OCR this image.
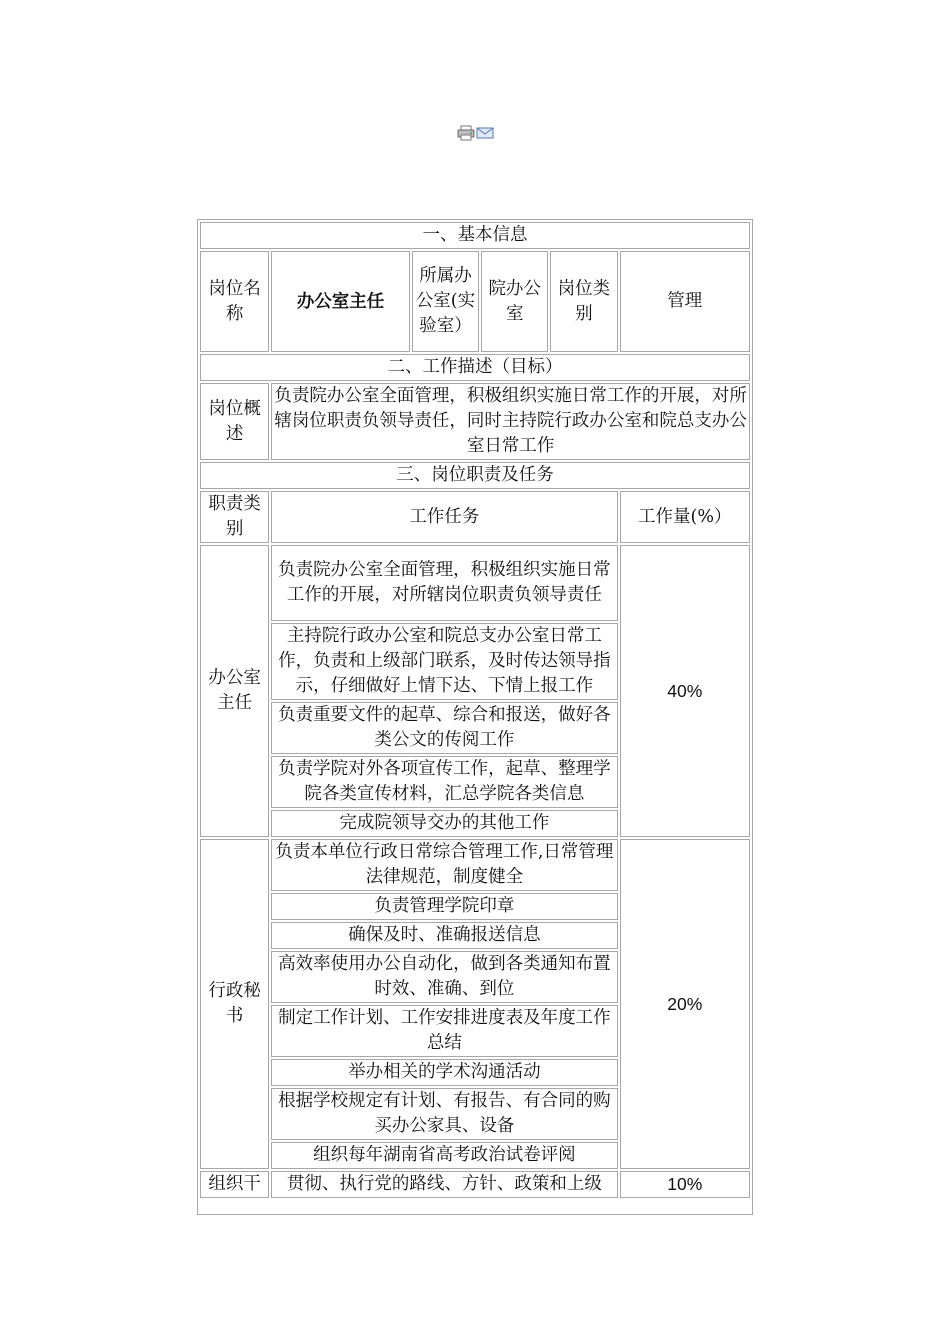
一、基本信息					
岗位名称	办公室主任	所属办公室(实验室）	院办公室	岗位类别	管理
二、工作描述（目标）					
岗位概述	负责院办公室全面管理，积极组织实施日常工作的开展，对所辖岗位职责负领导责任，同时主持院行政办公室和院总支办公室日常工作				
三、岗位职责及任务					
职责类别	工作任务				工作量(%）
办公室主任	负责院办公室全面管理，积极组织实施日常工作的开展，对所辖岗位职责负领导责任				40%
	主持院行政办公室和院总支办公室日常工作，负责和上级部门联系，及时传达领导指示，仔细做好上情下达、下情上报工作				
	负责重要文件的起草、综合和报送，做好各类公文的传阅工作				
	负责学院对外各项宣传工作，起草、整理学院各类宣传材料，汇总学院各类信息				
	完成院领导交办的其他工作				
行政秘书	负责本单位行政日常综合管理工作,日常管理法律规范，制度健全				20%
	负责管理学院印章				
	确保及时、准确报送信息				
	高效率使用办公自动化，做到各类通知布置时效、准确、到位				
	制定工作计划、工作安排进度表及年度工作总结				
	举办相关的学术沟通活动				
	根据学校规定有计划、有报告、有合同的购买办公家具、设备				
	组织每年湖南省高考政治试卷评阅				
组织干	贯彻、执行党的路线、方针、政策和上级				10%
